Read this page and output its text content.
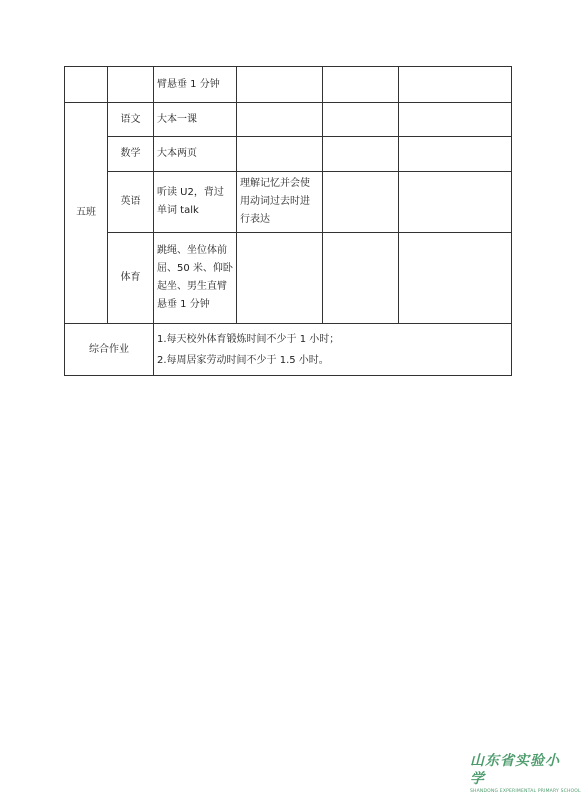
		臂悬垂 1 分钟			
五班	语文	大本一课			
	数学	大本两页			
	英语	听读 U2，背过单词 talk	理解记忆并会使用动词过去时进行表达		
	体育	跳绳、坐位体前屈、50 米、仰卧起坐、男生直臂悬垂 1 分钟			
综合作业		1.每天校外体育锻炼时间不少于 1 小时；
2.每周居家劳动时间不少于 1.5 小时。			
山东省实验小学
SHANDONG EXPERIMENTAL PRIMARY SCHOOL
